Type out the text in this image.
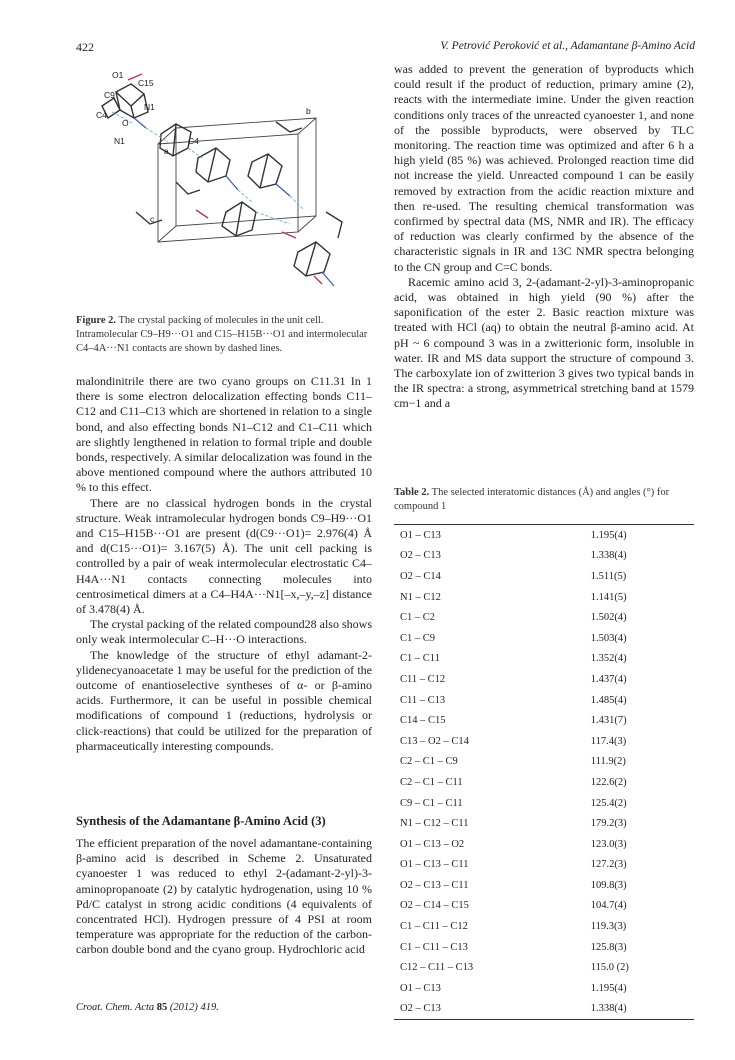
422	V. Petrović Peroković et al., Adamantane β-Amino Acid
O1
C15
C9
N1
C4
O
N1	C4
a
b
c
Figure 2. The crystal packing of molecules in the unit cell. Intramolecular C9–H9···O1 and C15–H15B···O1 and intermolecular C4–4A···N1 contacts are shown by dashed lines.

malondinitrile there are two cyano groups on C11.31 In 1 there is some electron delocalization effecting bonds C11–C12 and C11–C13 which are shortened in relation to a single bond, and also effecting bonds N1–C12 and C1–C11 which are slightly lengthened in relation to formal triple and double bonds, respectively. A similar delocalization was found in the above mentioned compound where the authors attributed 10 % to this effect.

There are no classical hydrogen bonds in the crystal structure. Weak intramolecular hydrogen bonds C9–H9···O1 and C15–H15B···O1 are present (d(C9···O1)= 2.976(4) Å and d(C15···O1)= 3.167(5) Å). The unit cell packing is controlled by a pair of weak intermolecular electrostatic C4–H4A···N1 contacts connecting molecules into centrosimetical dimers at a C4–H4A···N1[–x,–y,–z] distance of 3.478(4) Å.

The crystal packing of the related compound28 also shows only weak intermolecular C–H···O interactions.

The knowledge of the structure of ethyl adamant-2-ylidenecyanoacetate 1 may be useful for the prediction of the outcome of enantioselective syntheses of α- or β-amino acids. Furthermore, it can be useful in possible chemical modifications of compound 1 (reductions, hydrolysis or click-reactions) that could be utilized for the preparation of pharmaceutically interesting compounds.

Synthesis of the Adamantane β-Amino Acid (3)

The efficient preparation of the novel adamantane-containing β-amino acid is described in Scheme 2. Unsaturated cyanoester 1 was reduced to ethyl 2-(adamant-2-yl)-3-aminopropanoate (2) by catalytic hydrogenation, using 10 % Pd/C catalyst in strong acidic conditions (4 equivalents of concentrated HCl). Hydrogen pressure of 4 PSI at room temperature was appropriate for the reduction of the carbon-carbon double bond and the cyano group. Hydrochloric acid

was added to prevent the generation of byproducts which could result if the product of reduction, primary amine (2), reacts with the intermediate imine. Under the given reaction conditions only traces of the unreacted cyanoester 1, and none of the possible byproducts, were observed by TLC monitoring. The reaction time was optimized and after 6 h a high yield (85 %) was achieved. Prolonged reaction time did not increase the yield. Unreacted compound 1 can be easily removed by extraction from the acidic reaction mixture and then re-used. The resulting chemical transformation was confirmed by spectral data (MS, NMR and IR). The efficacy of reduction was clearly confirmed by the absence of the characteristic signals in IR and 13C NMR spectra belonging to the CN group and C=C bonds.

Racemic amino acid 3, 2-(adamant-2-yl)-3-aminopropanic acid, was obtained in high yield (90 %) after the saponification of the ester 2. Basic reaction mixture was treated with HCl (aq) to obtain the neutral β-amino acid. At pH ~ 6 compound 3 was in a zwitterionic form, insoluble in water. IR and MS data support the structure of compound 3. The carboxylate ion of zwitterion 3 gives two typical bands in the IR spectra: a strong, asymmetrical stretching band at 1579 cm−1 and a

Table 2. The selected interatomic distances (Å) and angles (°) for compound 1
O1 – C13	1.195(4)
O2 – C13	1.338(4)
O2 – C14	1.511(5)
N1 – C12	1.141(5)
C1 – C2	1.502(4)
C1 – C9	1.503(4)
C1 – C11	1.352(4)
C11 – C12	1.437(4)
C11 – C13	1.485(4)
C14 – C15	1.431(7)
C13 – O2 – C14	117.4(3)
C2 – C1 – C9	111.9(2)
C2 – C1 – C11	122.6(2)
C9 – C1 – C11	125.4(2)
N1 – C12 – C11	179.2(3)
O1 – C13 – O2	123.0(3)
O1 – C13 – C11	127.2(3)
O2 – C13 – C11	109.8(3)
O2 – C14 – C15	104.7(4)
C1 – C11 – C12	119.3(3)
C1 – C11 – C13	125.8(3)
C12 – C11 – C13	115.0 (2)
O1 – C13	1.195(4)
O2 – C13	1.338(4)
Croat. Chem. Acta 85 (2012) 419.
